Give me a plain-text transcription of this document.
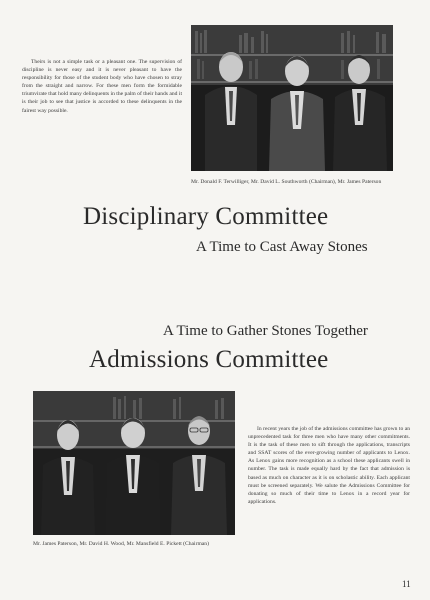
Theirs is not a simple task or a pleasant one. The supervision of discipline is never easy and it is never pleasant to have the responsibility for those of the student body who have chosen to stray from the straight and narrow. For these men form the formidable triumvirate that hold many delinquents in the palm of their hands and it is their job to see that justice is accorded to these delinquents in the fairest way possible.

Mr. Donald F. Terwilliger, Mr. David L. Southworth (Chairman), Mr. James Paterson

Disciplinary Committee
A Time to Cast Away Stones
A Time to Gather Stones Together
Admissions Committee

Mr. James Paterson, Mr. David H. Wood, Mr. Mansfield E. Pickett (Chairman)

In recent years the job of the admissions committee has grown to an unprecedented task for three men who have many other commitments. It is the task of these men to sift through the applications, transcripts and SSAT scores of the ever-growing number of applicants to Lenox. As Lenox gains more recognition as a school these applicants swell in number. The task is made equally hard by the fact that admission is based as much on character as it is on scholastic ability. Each applicant must be screened separately. We salute the Admissions Committee for donating so much of their time to Lenox in a record year for applications.

11
